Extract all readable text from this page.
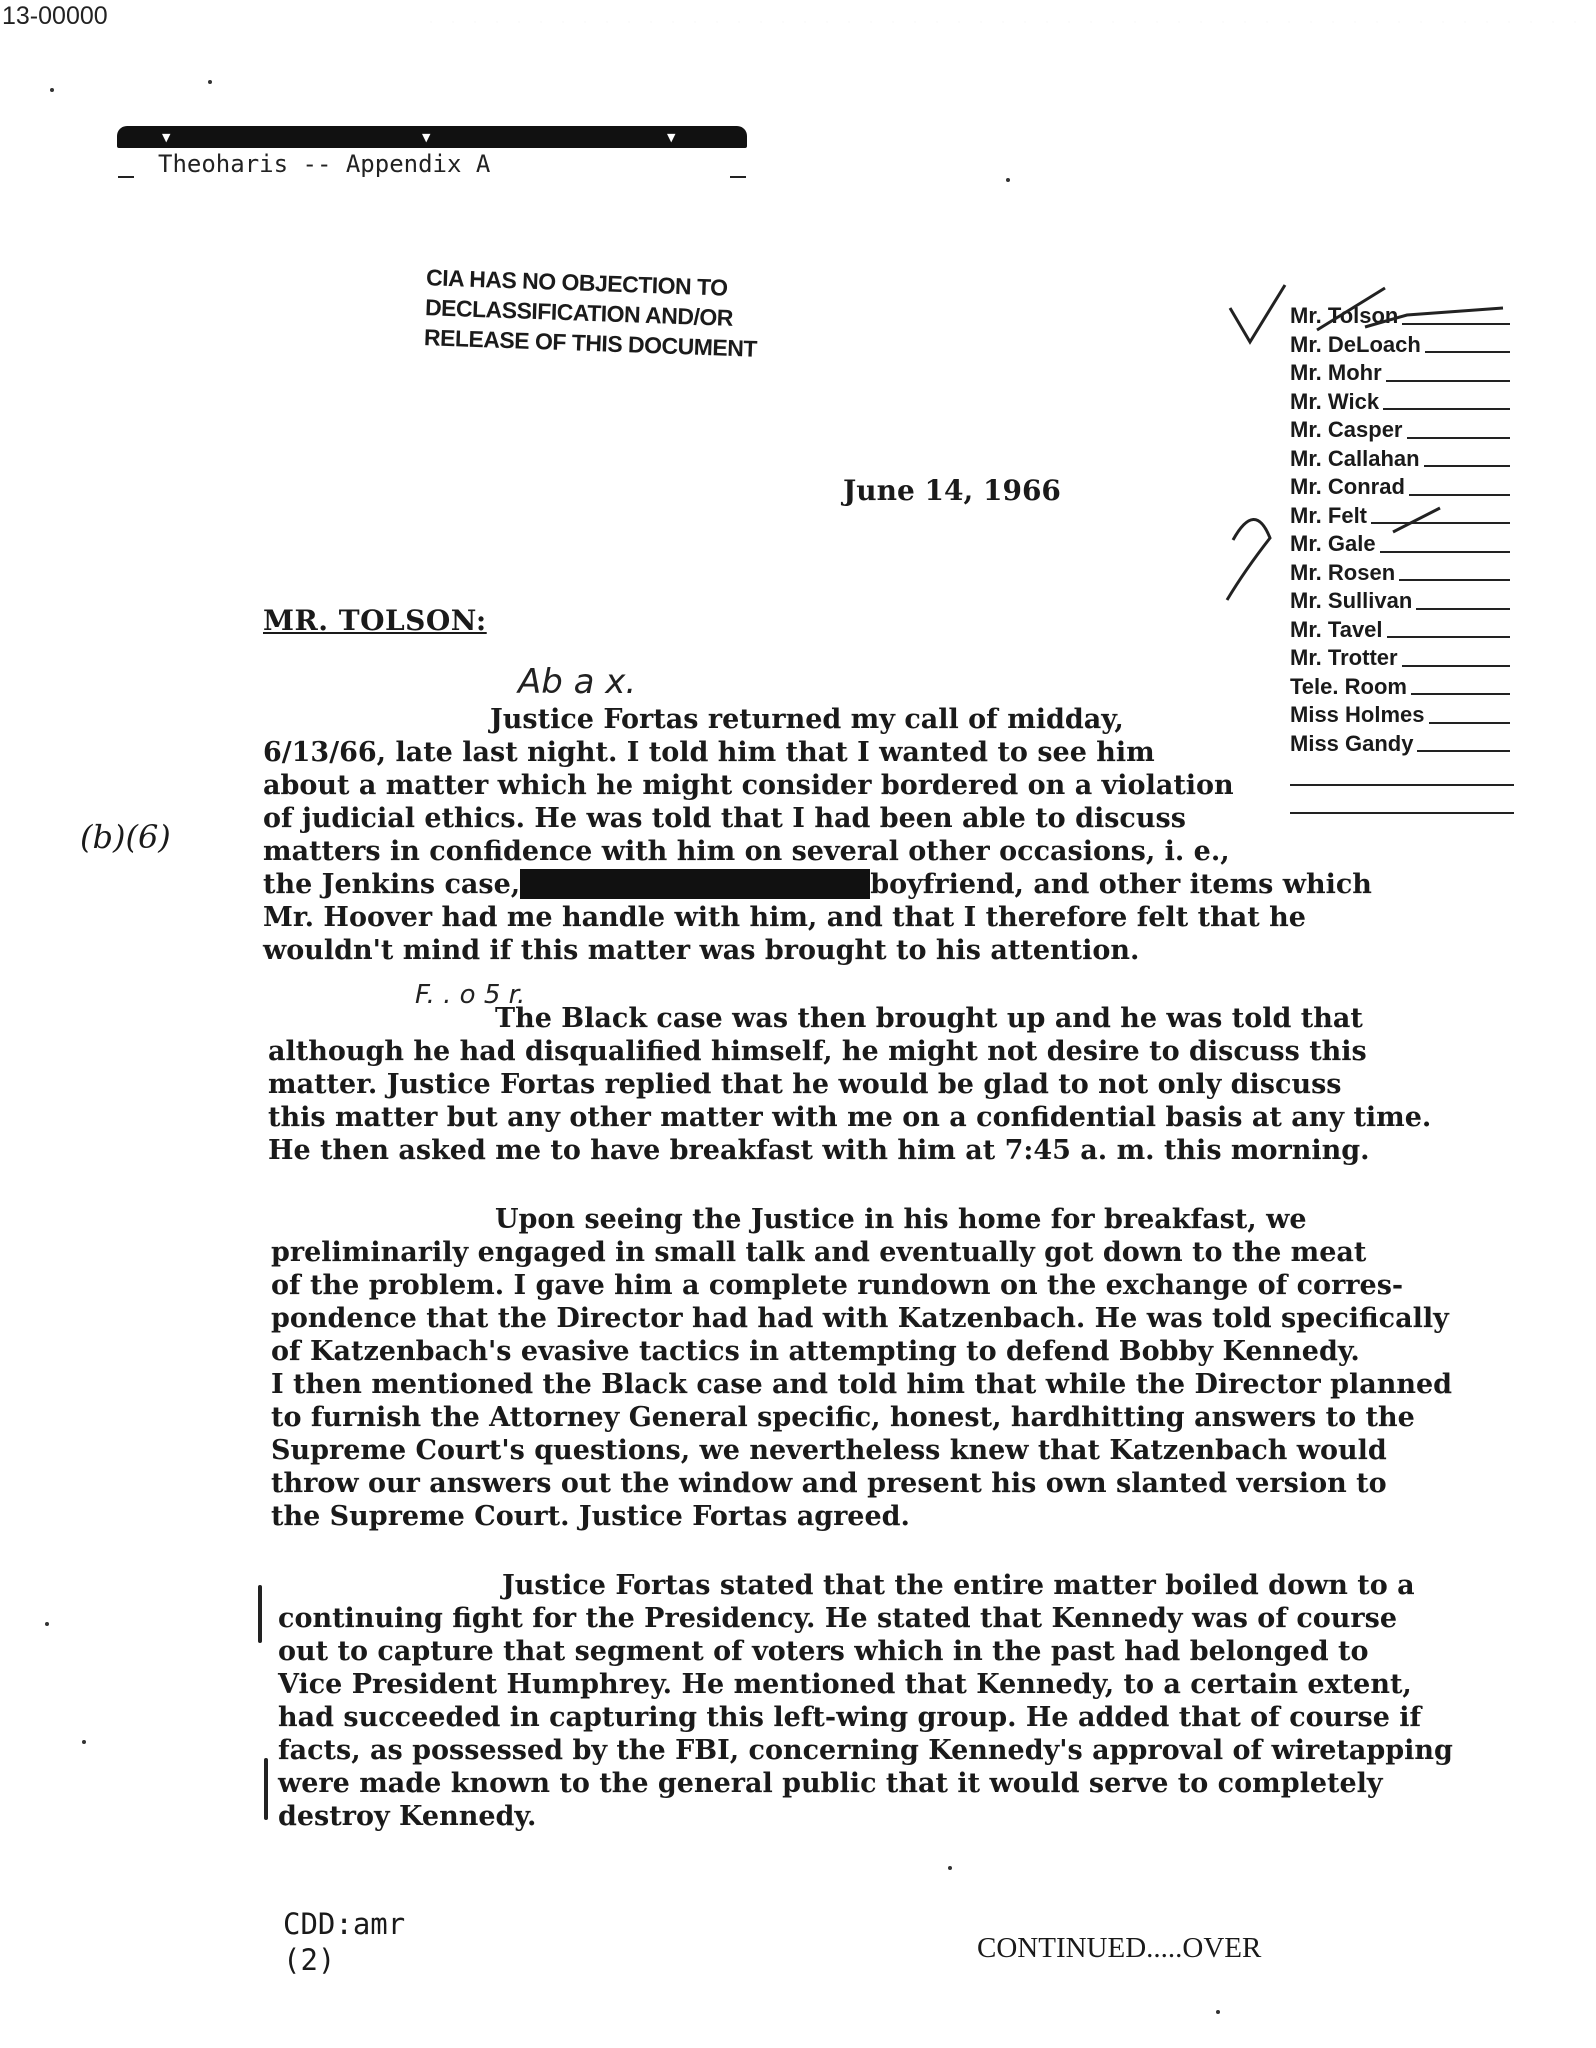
13-00000
▼	▼	▼
Theoharis -- Appendix A
CIA HAS NO OBJECTION TO
DECLASSIFICATION AND/OR
RELEASE OF THIS DOCUMENT
June 14, 1966
Mr. Tolson
Mr. DeLoach
Mr. Mohr
Mr. Wick
Mr. Casper
Mr. Callahan
Mr. Conrad
Mr. Felt
Mr. Gale
Mr. Rosen
Mr. Sullivan
Mr. Tavel
Mr. Trotter
Tele. Room
Miss Holmes
Miss Gandy
MR. TOLSON:
Ab a x.
F. . o 5 r.
(b)(6)
Justice Fortas returned my call of midday,
6/13/66, late last night. I told him that I wanted to see him
about a matter which he might consider bordered on a violation
of judicial ethics. He was told that I had been able to discuss
matters in confidence with him on several other occasions, i. e.,
the Jenkins case,	boyfriend, and other items which
Mr. Hoover had me handle with him, and that I therefore felt that he
wouldn't mind if this matter was brought to his attention.
The Black case was then brought up and he was told that
although he had disqualified himself, he might not desire to discuss this
matter. Justice Fortas replied that he would be glad to not only discuss
this matter but any other matter with me on a confidential basis at any time.
He then asked me to have breakfast with him at 7:45 a. m. this morning.
Upon seeing the Justice in his home for breakfast, we
preliminarily engaged in small talk and eventually got down to the meat
of the problem. I gave him a complete rundown on the exchange of corres-
pondence that the Director had had with Katzenbach. He was told specifically
of Katzenbach's evasive tactics in attempting to defend Bobby Kennedy.
I then mentioned the Black case and told him that while the Director planned
to furnish the Attorney General specific, honest, hardhitting answers to the
Supreme Court's questions, we nevertheless knew that Katzenbach would
throw our answers out the window and present his own slanted version to
the Supreme Court. Justice Fortas agreed.
Justice Fortas stated that the entire matter boiled down to a
continuing fight for the Presidency. He stated that Kennedy was of course
out to capture that segment of voters which in the past had belonged to
Vice President Humphrey. He mentioned that Kennedy, to a certain extent,
had succeeded in capturing this left-wing group. He added that of course if
facts, as possessed by the FBI, concerning Kennedy's approval of wiretapping
were made known to the general public that it would serve to completely
destroy Kennedy.
CDD:amr
(2)	CONTINUED.....OVER
